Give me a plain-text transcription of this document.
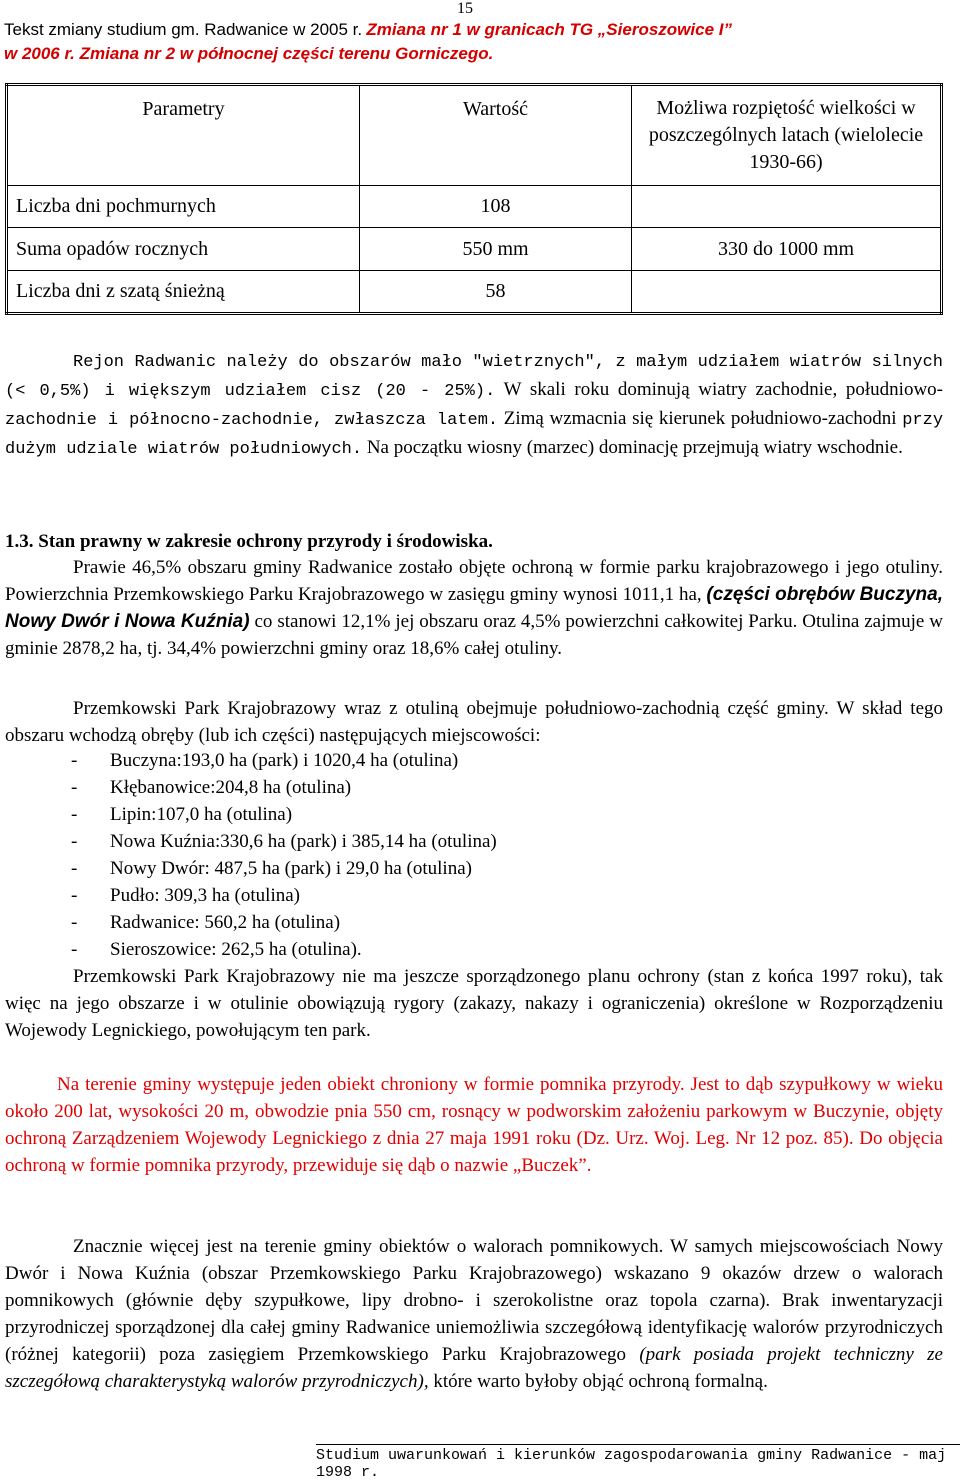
15
Tekst zmiany studium gm. Radwanice w 2005 r. Zmiana nr 1 w granicach TG „Sieroszowice I”
w 2006 r. Zmiana nr 2 w północnej części terenu Gorniczego.
Parametry	Wartość	Możliwa rozpiętość wielkości w poszczególnych latach (wielolecie 1930-66)
Liczba dni pochmurnych	108	
Suma opadów rocznych	550 mm	330 do 1000 mm
Liczba dni z szatą śnieżną	58	
Rejon Radwanic należy do obszarów mało "wietrznych", z małym udziałem wiatrów silnych (< 0,5%) i większym udziałem cisz (20 - 25%). W skali roku dominują wiatry zachodnie, południowo- zachodnie i północno-zachodnie, zwłaszcza latem. Zimą wzmacnia się kierunek południowo-zachodni przy dużym udziale wiatrów południowych. Na początku wiosny (marzec) dominację przejmują wiatry wschodnie.
1.3. Stan prawny w zakresie ochrony przyrody i środowiska.
Prawie 46,5% obszaru gminy Radwanice zostało objęte ochroną w formie parku krajobrazowego i jego otuliny. Powierzchnia Przemkowskiego Parku Krajobrazowego w zasięgu gminy wynosi 1011,1 ha, (części obrębów Buczyna, Nowy Dwór i Nowa Kuźnia) co stanowi 12,1% jej obszaru oraz 4,5% powierzchni całkowitej Parku. Otulina zajmuje w gminie 2878,2 ha, tj. 34,4% powierzchni gminy oraz 18,6% całej otuliny.
Przemkowski Park Krajobrazowy wraz z otuliną obejmuje południowo-zachodnią część gminy. W skład tego obszaru wchodzą obręby (lub ich części) następujących miejscowości:
-	Buczyna:193,0 ha (park) i 1020,4 ha (otulina)
-	Kłębanowice:204,8 ha (otulina)
-	Lipin:107,0 ha (otulina)
-	Nowa Kuźnia:330,6 ha (park) i 385,14 ha (otulina)
-	Nowy Dwór: 487,5 ha (park) i 29,0 ha (otulina)
-	Pudło: 309,3 ha (otulina)
-	Radwanice: 560,2 ha (otulina)
-	Sieroszowice: 262,5 ha (otulina).
Przemkowski Park Krajobrazowy nie ma jeszcze sporządzonego planu ochrony (stan z końca 1997 roku), tak więc na jego obszarze i w otulinie obowiązują rygory (zakazy, nakazy i ograniczenia) określone w Rozporządzeniu Wojewody Legnickiego, powołującym ten park.
Na terenie gminy występuje jeden obiekt chroniony w formie pomnika przyrody. Jest to dąb szypułkowy w wieku około 200 lat, wysokości 20 m, obwodzie pnia 550 cm, rosnący w podworskim założeniu parkowym w Buczynie, objęty ochroną Zarządzeniem Wojewody Legnickiego z dnia 27 maja 1991 roku (Dz. Urz. Woj. Leg. Nr 12 poz. 85). Do objęcia ochroną w formie pomnika przyrody, przewiduje się dąb o nazwie „Buczek”.
Znacznie więcej jest na terenie gminy obiektów o walorach pomnikowych. W samych miejscowościach Nowy Dwór i Nowa Kuźnia (obszar Przemkowskiego Parku Krajobrazowego) wskazano 9 okazów drzew o walorach pomnikowych (głównie dęby szypułkowe, lipy drobno- i szerokolistne oraz topola czarna). Brak inwentaryzacji przyrodniczej sporządzonej dla całej gminy Radwanice uniemożliwia szczegółową identyfikację walorów przyrodniczych (różnej kategorii) poza zasięgiem Przemkowskiego Parku Krajobrazowego (park posiada projekt techniczny ze szczegółową charakterystyką walorów przyrodniczych), które warto byłoby objąć ochroną formalną.
Studium uwarunkowań i kierunków zagospodarowania gminy Radwanice - maj 1998 r.
